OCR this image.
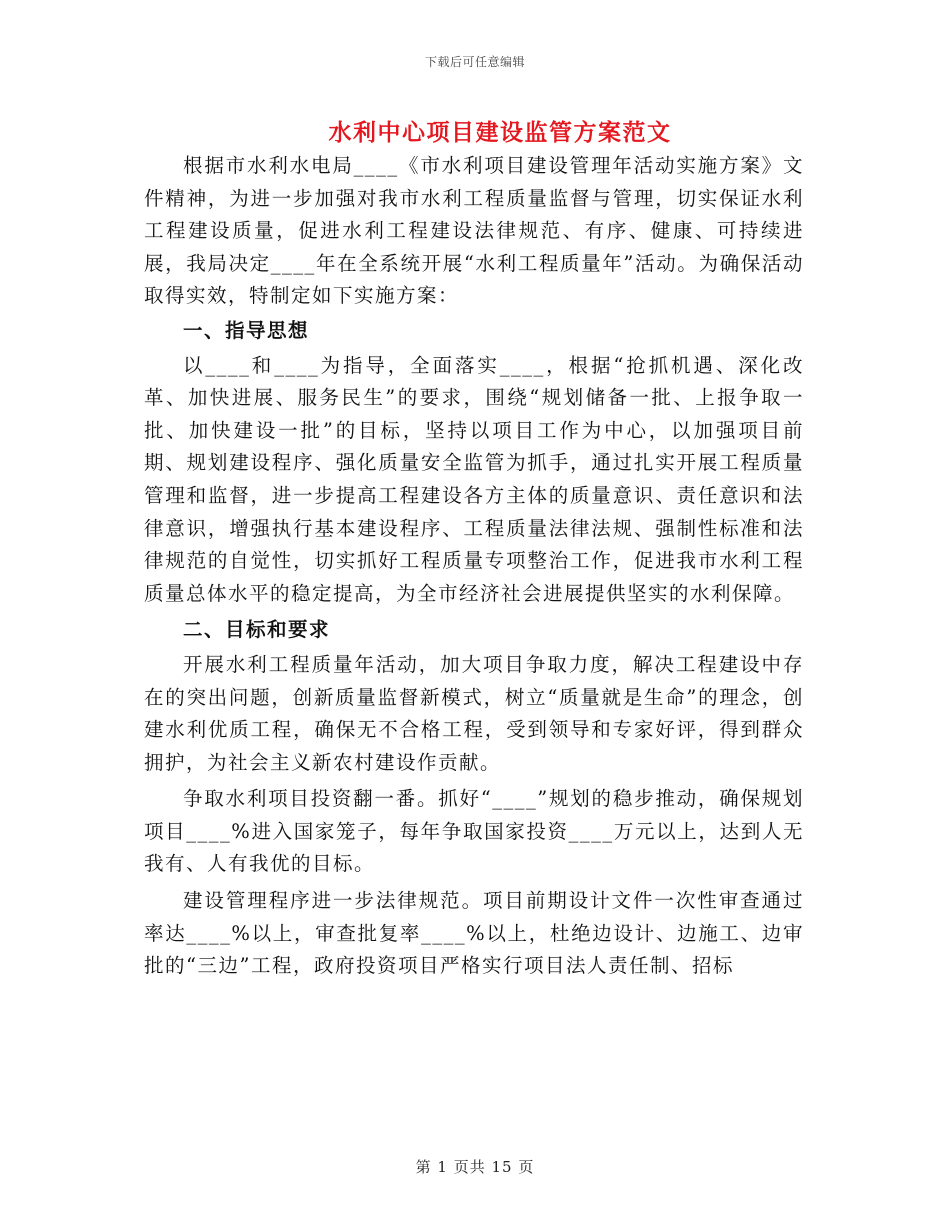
下载后可任意编辑
水利中心项目建设监管方案范文

根据市水利水电局____《市水利项目建设管理年活动实施方案》文件精神，为进一步加强对我市水利工程质量监督与管理，切实保证水利工程建设质量，促进水利工程建设法律规范、有序、健康、可持续进展，我局决定____年在全系统开展“水利工程质量年”活动。为确保活动取得实效，特制定如下实施方案：

一、指导思想

以____和____为指导，全面落实____，根据“抢抓机遇、深化改革、加快进展、服务民生”的要求，围绕“规划储备一批、上报争取一批、加快建设一批”的目标，坚持以项目工作为中心，以加强项目前期、规划建设程序、强化质量安全监管为抓手，通过扎实开展工程质量管理和监督，进一步提高工程建设各方主体的质量意识、责任意识和法律意识，增强执行基本建设程序、工程质量法律法规、强制性标准和法律规范的自觉性，切实抓好工程质量专项整治工作，促进我市水利工程质量总体水平的稳定提高，为全市经济社会进展提供坚实的水利保障。

二、目标和要求

开展水利工程质量年活动，加大项目争取力度，解决工程建设中存在的突出问题，创新质量监督新模式，树立“质量就是生命”的理念，创建水利优质工程，确保无不合格工程，受到领导和专家好评，得到群众拥护，为社会主义新农村建设作贡献。

争取水利项目投资翻一番。抓好“____”规划的稳步推动，确保规划项目____%进入国家笼子，每年争取国家投资____万元以上，达到人无我有、人有我优的目标。

建设管理程序进一步法律规范。项目前期设计文件一次性审查通过率达____%以上，审查批复率____%以上，杜绝边设计、边施工、边审批的“三边”工程，政府投资项目严格实行项目法人责任制、招标

第 1 页共 15 页
